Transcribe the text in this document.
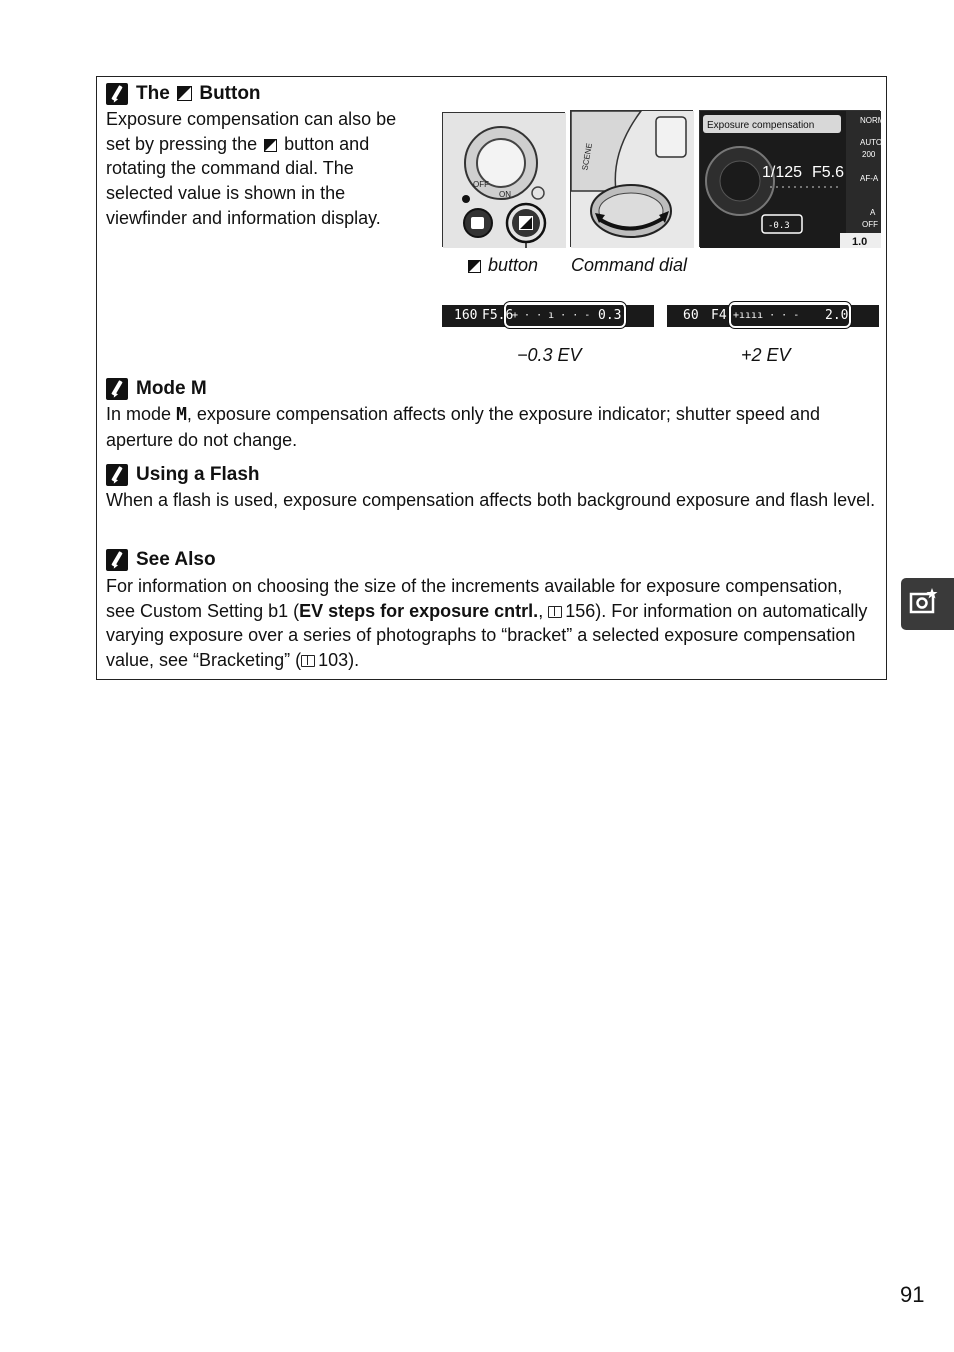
The Button

Exposure compensation can also be
set by pressing the button and
rotating the command dial. The
selected value is shown in the
viewfinder and information display.

OFF
ON
SCENE
Exposure compensation
1/125 F5.6
-0.3
NORM
AUTO
200
AF-A
A
OFF
1.0
button Command dial
160 F5.6
+ · · ı · · - 0.3
−0.3 EV
60 F4 +ıııı · · - 2.0
+2 EV
Mode M

In mode M, exposure compensation affects only the exposure indicator; shutter speed and aperture do not change.

Using a Flash

When a flash is used, exposure compensation affects both background exposure and flash level.

See Also

For information on choosing the size of the increments available for exposure compensation, see Custom Setting b1 (EV steps for exposure cntrl., 156). For information on automatically varying exposure over a series of photographs to “bracket” a selected exposure compensation value, see “Bracketing” ( 103).

91
